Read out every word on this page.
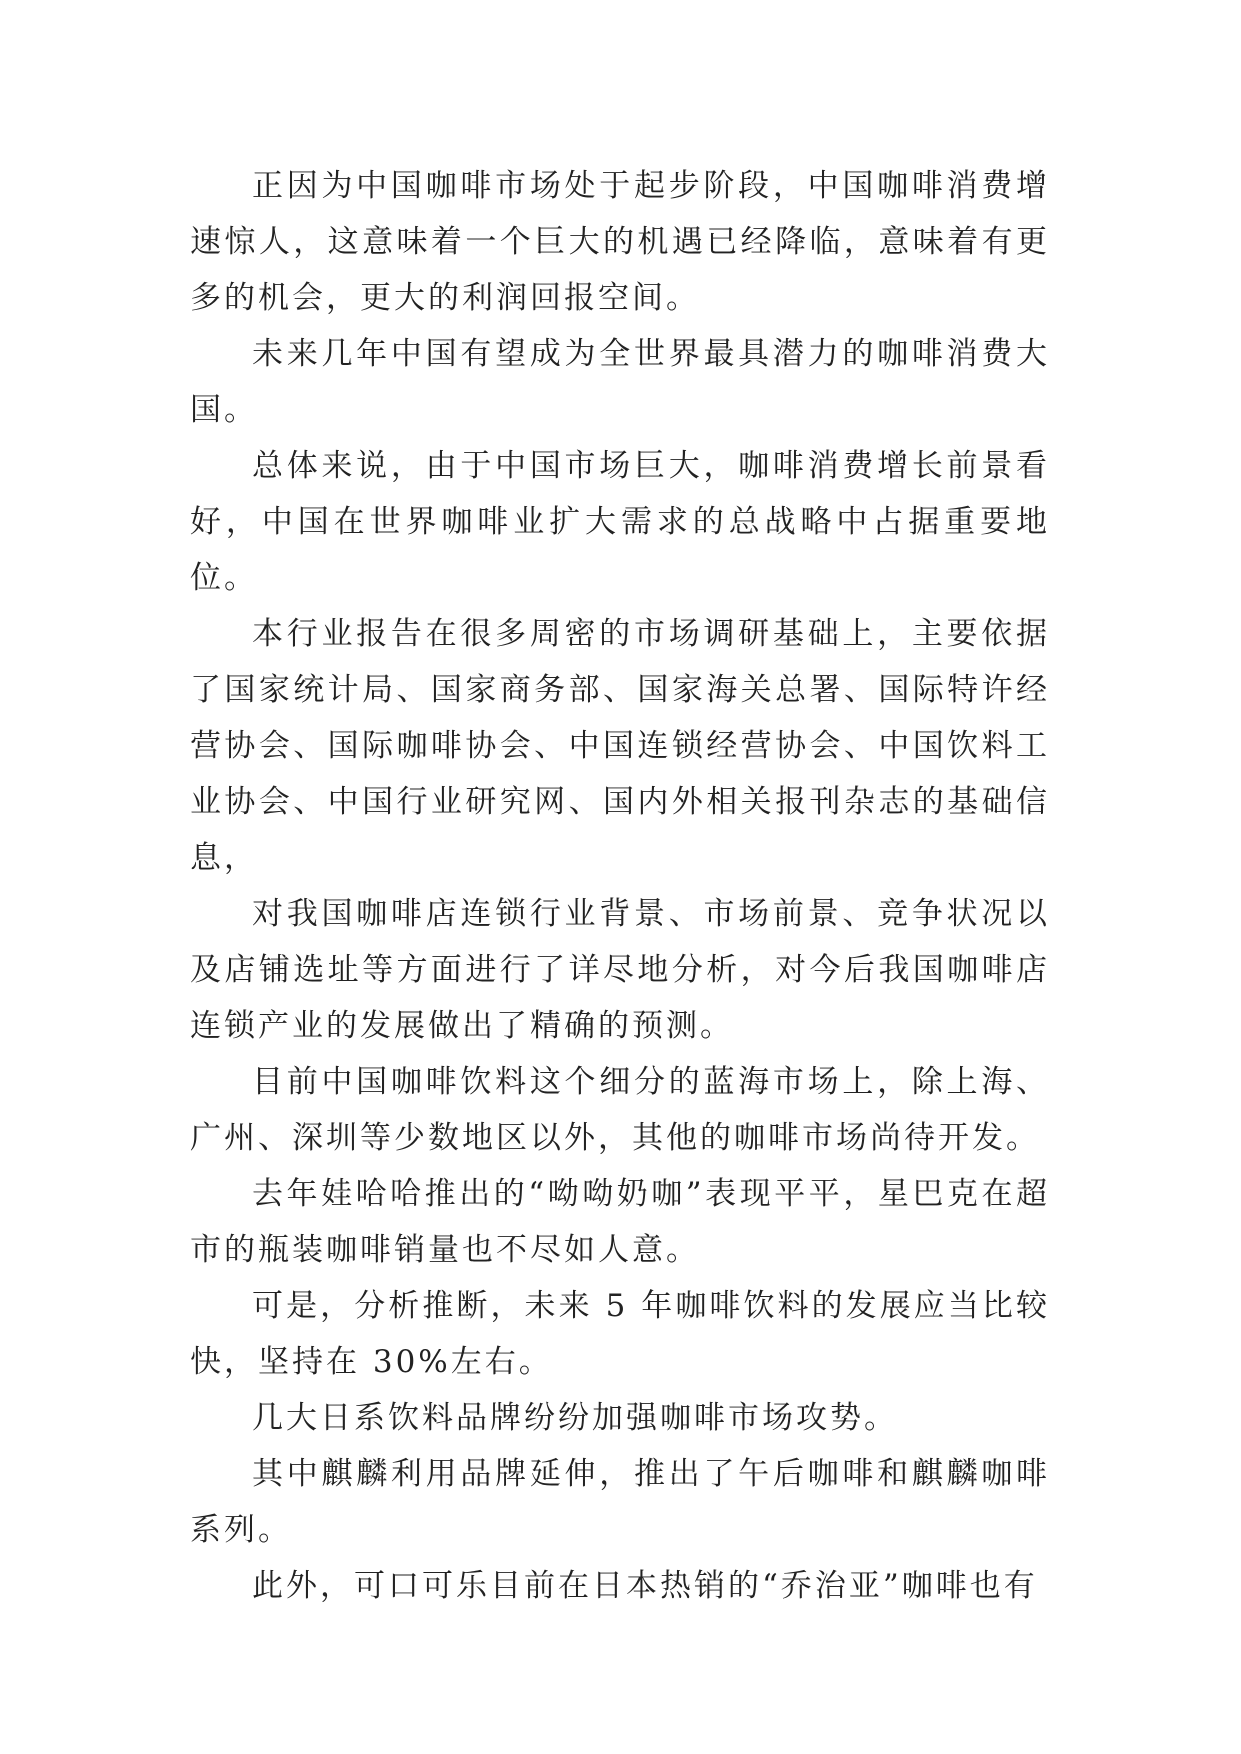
正因为中国咖啡市场处于起步阶段，中国咖啡消费增速惊人，这意味着一个巨大的机遇已经降临，意味着有更多的机会，更大的利润回报空间。

未来几年中国有望成为全世界最具潜力的咖啡消费大国。

总体来说，由于中国市场巨大，咖啡消费增长前景看好，中国在世界咖啡业扩大需求的总战略中占据重要地位。

本行业报告在很多周密的市场调研基础上，主要依据了国家统计局、国家商务部、国家海关总署、国际特许经营协会、国际咖啡协会、中国连锁经营协会、中国饮料工业协会、中国行业研究网、国内外相关报刊杂志的基础信息，

对我国咖啡店连锁行业背景、市场前景、竞争状况以及店铺选址等方面进行了详尽地分析，对今后我国咖啡店连锁产业的发展做出了精确的预测。

目前中国咖啡饮料这个细分的蓝海市场上，除上海、广州、深圳等少数地区以外，其他的咖啡市场尚待开发。

去年娃哈哈推出的“呦呦奶咖”表现平平，星巴克在超市的瓶装咖啡销量也不尽如人意。

可是，分析推断，未来 5 年咖啡饮料的发展应当比较快，坚持在 30%左右。

几大日系饮料品牌纷纷加强咖啡市场攻势。

其中麒麟利用品牌延伸，推出了午后咖啡和麒麟咖啡系列。

此外，可口可乐目前在日本热销的“乔治亚”咖啡也有
